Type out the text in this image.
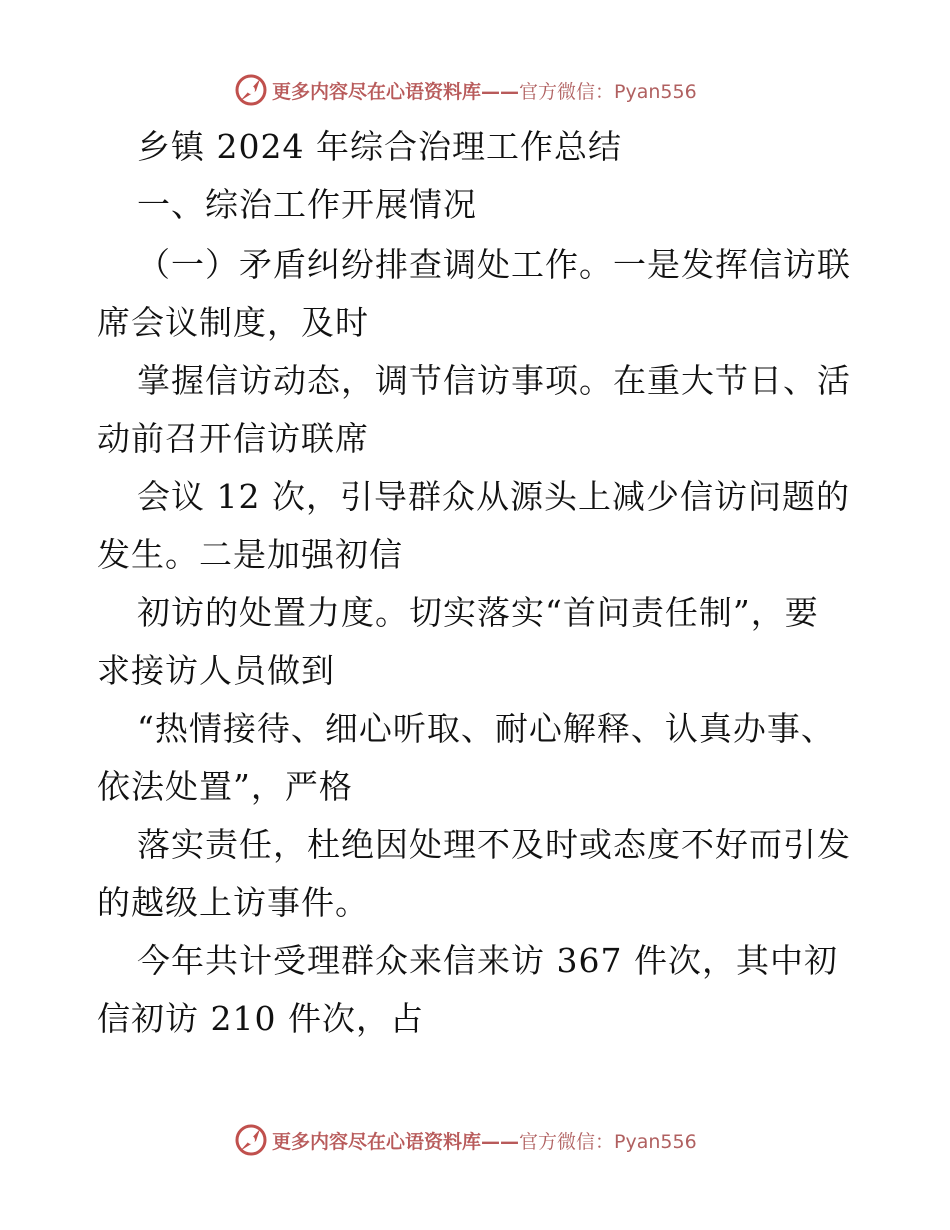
更多内容尽在心语资料库——官方微信：Pyan556
乡镇 2024 年综合治理工作总结
一、综治工作开展情况
（一）矛盾纠纷排查调处工作。一是发挥信访联
席会议制度，及时
掌握信访动态，调节信访事项。在重大节日、活
动前召开信访联席
会议 12 次，引导群众从源头上减少信访问题的
发生。二是加强初信
初访的处置力度。切实落实“首问责任制”，要
求接访人员做到
“热情接待、细心听取、耐心解释、认真办事、
依法处置”，严格
落实责任，杜绝因处理不及时或态度不好而引发
的越级上访事件。
今年共计受理群众来信来访 367 件次，其中初
信初访 210 件次，占
更多内容尽在心语资料库——官方微信：Pyan556
